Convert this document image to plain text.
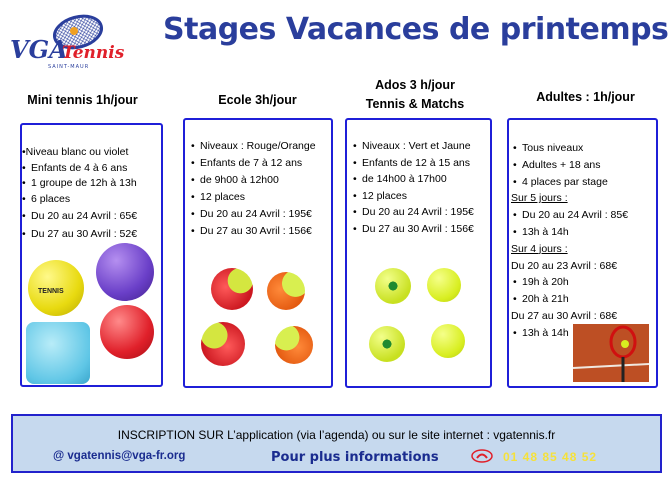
VGA
Tennis
SAINT-MAUR
Stages Vacances de printemps
Mini tennis 1h/jour	Ecole 3h/jour
Ados 3 h/jour
Tennis & Matchs	Adultes : 1h/jour
•Niveau blanc ou violet
• Enfants de 4 à 6 ans
• 1 groupe de 12h à 13h
• 6 places
• Du 20 au 24 Avril : 65€
• Du 27 au 30 Avril : 52€
TENNIS
• Niveaux : Rouge/Orange
• Enfants de 7 à 12 ans
• de 9h00 à 12h00
• 12 places
• Du 20 au 24 Avril : 195€
• Du 27 au 30 Avril : 156€
• Niveaux : Vert et Jaune
• Enfants de 12 à 15 ans
• de 14h00 à 17h00
• 12 places
• Du 20 au 24 Avril : 195€
• Du 27 au 30 Avril : 156€
• Tous niveaux
• Adultes + 18 ans
• 4 places par stage
Sur 5 jours :
• Du 20 au 24 Avril : 85€
• 13h à 14h
Sur 4 jours :
Du 20 au 23 Avril : 68€
• 19h à 20h
• 20h à 21h
Du 27 au 30 Avril : 68€
• 13h à 14h
INSCRIPTION SUR L’application (via l’agenda) ou sur le site internet : vgatennis.fr
@ vgatennis@vga-fr.org	Pour plus informations	01 48 85 48 52
